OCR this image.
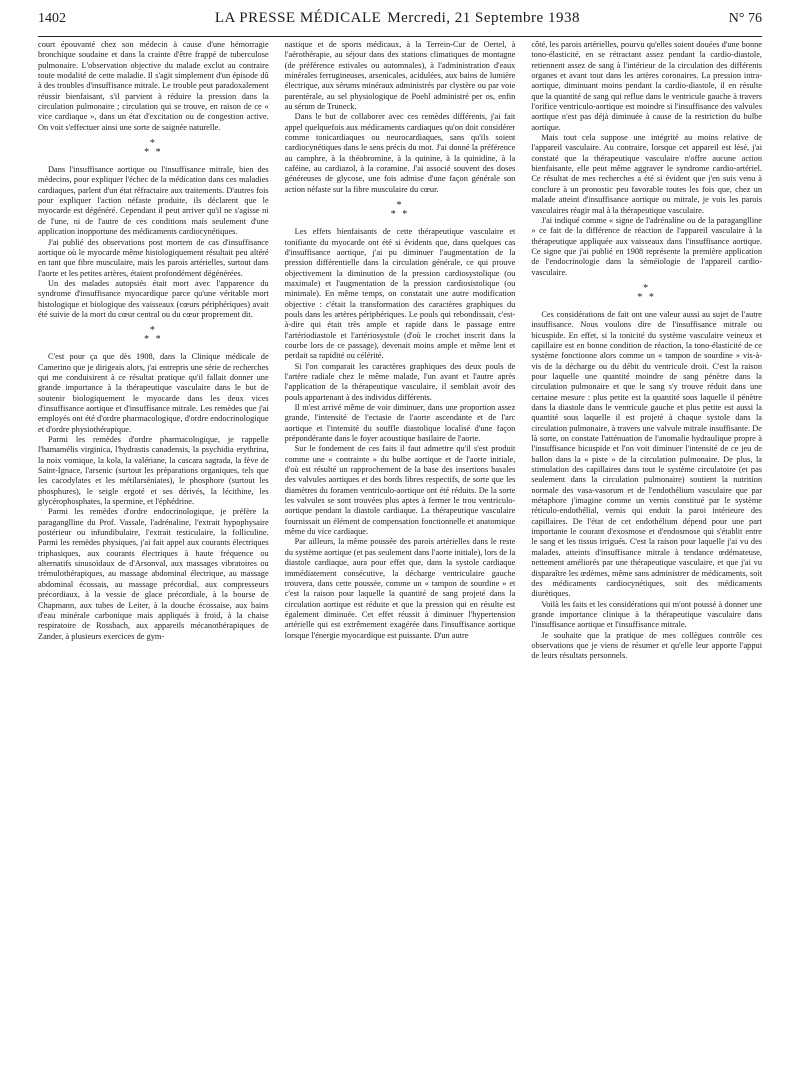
1402	LA PRESSE MÉDICALE Mercredi, 21 Septembre 1938	N° 76

court épouvanté chez son médecin à cause d'une hémorragie bronchique soudaine et dans la crainte d'être frappé de tuberculose pulmonaire. L'observation objective du malade exclut au contraire toute modalité de cette maladie. Il s'agit simplement d'un épisode dû à des troubles d'insuffisance mitrale. Le trouble peut paradoxalement réussir bienfaisant, s'il parvient à réduire la pression dans la circulation pulmonaire ; circulation qui se trouve, en raison de ce « vice cardiaque », dans un état d'excitation ou de congestion active. On voit s'effectuer ainsi une sorte de saignée naturelle.

*
* *

Dans l'insuffisance aortique ou l'insuffisance mitrale, bien des médecins, pour expliquer l'échec de la médication dans ces maladies cardiaques, parlent d'un état réfractaire aux traitements. D'autres fois pour expliquer l'action néfaste produite, ils déclarent que le myocarde est dégénéré. Cependant il peut arriver qu'il ne s'agisse ni de l'une, ni de l'autre de ces conditions mais seulement d'une application inopportune des médicaments cardiocynétiques.

J'ai publié des observations post mortem de cas d'insuffisance aortique où le myocarde même histologiquement résultait peu altéré en tant que fibre musculaire, mais les parois artérielles, surtout dans l'aorte et les petites artères, étaient profondément dégénérées.

Un des malades autopsiés était mort avec l'apparence du syndrome d'insuffisance myocardique parce qu'une véritable mort histologique et biologique des vaisseaux (cœurs périphériques) avait été suivie de la mort du cœur central ou du cœur proprement dit.

*
* *

C'est pour ça que dès 1908, dans la Clinique médicale de Camerino que je dirigeais alors, j'ai entrepris une série de recherches qui me conduisirent à ce résultat pratique qu'il fallait donner une grande importance à la thérapeutique vasculaire dans le but de soutenir biologiquement le myocarde dans les deux vices d'insuffisance aortique et d'insuffisance mitrale. Les remèdes que j'ai employés ont été d'ordre pharmacologique, d'ordre endocrinologique et d'ordre physiothérapique.

Parmi les remèdes d'ordre pharmacologique, je rappelle l'hamamélis virginica, l'hydrastis canadensis, la psychidia erythrina, la noix vomique, la kola, la valériane, la cascara sagrada, la fève de Saint-Ignace, l'arsenic (surtout les préparations organiques, tels que les cacodylates et les métilarséniates), le phosphore (surtout les phosphures), le seigle ergoté et ses dérivés, la lécithine, les glycérophosphates, la spermine, et l'éphédrine.

Parmi les remèdes d'ordre endocrinologique, je préfère la paraganglline du Prof. Vassale, l'adrénaline, l'extrait hypophysaire postérieur ou infundibulaire, l'extrait testiculaire, la folliculine. Parmi les remèdes physiques, j'ai fait appel aux courants électriques triphasiques, aux courants électriques à haute fréquence ou alternatifs sinusoïdaux de d'Arsonval, aux massages vibratoires ou trémulothérapiques, au massage abdominal électrique, au massage abdominal écossais, au massage précordial, aux compresseurs précordiaux, à la vessie de glace précordiale, à la bourse de Chapmann, aux tubes de Leiter, à la douche écossaise, aux bains d'eau minérale carbonique mais appliqués à froid, à la chaise respiratoire de Rossbach, aux appareils mécanothérapiques de Zander, à plusieurs exercices de gym-

nastique et de sports médicaux, à la Terrein-Cur de Oertel, à l'aérothérapie, au séjour dans des stations climatiques de montagne (de préférence estivales ou automnales), à l'administration d'eaux minérales ferrugineuses, arsenicales, acidulées, aux bains de lumière électrique, aux sérums minéraux administrés par clystère ou par voie parentérale, au sel physiologique de Poehl administré per os, enfin au sérum de Truneck.

Dans le but de collaborer avec ces remèdes différents, j'ai fait appel quelquefois aux médicaments cardiaques qu'on doit considérer comme tonicardiaques ou neurocardiaques, sans qu'ils soient cardiocynétiques dans le sens précis du mot. J'ai donné la préférence au camphre, à la théobromine, à la quinine, à la quinidine, à la caféine, au cardiazol, à la coramine. J'ai associé souvent des doses généreuses de glycose, une fois admise d'une façon générale son action néfaste sur la fibre musculaire du cœur.

*
* *

Les effets bienfaisants de cette thérapeutique vasculaire et tonifiante du myocarde ont été si évidents que, dans quelques cas d'insuffisance aortique, j'ai pu diminuer l'augmentation de la pression différentielle dans la circulation générale, ce qui prouve objectivement la diminution de la pression cardiosystolique (ou maximale) et l'augmentation de la pression cardiosistolique (ou minimale). En même temps, on constatait une autre modification objective : c'était la transformation des caractères graphiques du pouls dans les artères périphériques. Le pouls qui rebondissait, c'est-à-dire qui était très ample et rapide dans le passage entre l'artériodiastole et l'artériosystole (d'où le crochet inscrit dans la courbe lors de ce passage), devenait moins ample et même lent et perdait sa rapidité ou célérité.

Si l'on comparait les caractères graphiques des deux pouls de l'artère radiale chez le même malade, l'un avant et l'autre après l'application de la thérapeutique vasculaire, il semblait avoir des pouls appartenant à des individus différents.

Il m'est arrivé même de voir diminuer, dans une proportion assez grande, l'intensité de l'ectasie de l'aorte ascendante et de l'arc aortique et l'intensité du souffle diastolique localisé d'une façon prépondérante dans le foyer acoustique basilaire de l'aorte.

Sur le fondement de ces faits il faut admettre qu'il s'est produit comme une « contrainte » du bulbe aortique et de l'aorte initiale, d'où est résulté un rapprochement de la base des insertions basales des valvules aortiques et des bords libres respectifs, de sorte que les diamètres du foramen ventriculo-aortique ont été réduits. De la sorte les valvules se sont trouvées plus aptes à fermer le trou ventriculo-aortique pendant la diastole cardiaque. La thérapeutique vasculaire fournissait un élément de compensation fonctionnelle et anatomique même du vice cardiaque.

Par ailleurs, la même poussée des parois artérielles dans le reste du système aortique (et pas seulement dans l'aorte initiale), lors de la diastole cardiaque, aura pour effet que, dans la systole cardiaque immédiatement consécutive, la décharge ventriculaire gauche trouvera, dans cette poussée, comme un « tampon de sourdine » et c'est la raison pour laquelle la quantité de sang projeté dans la circulation aortique est réduite et que la pression qui en résulte est également diminuée. Cet effet réussit à diminuer l'hypertension artérielle qui est extrêmement exagérée dans l'insuffisance aortique lorsque l'énergie myocardique est puissante. D'un autre

côté, les parois artérielles, pourvu qu'elles soient douées d'une bonne tono-élasticité, en se rétractant assez pendant la cardio-diastole, retiennent assez de sang à l'intérieur de la circulation des différents organes et avant tout dans les artères coronaires. La pression intra-aortique, diminuant moins pendant la cardio-diastole, il en résulte que la quantité de sang qui reflue dans le ventricule gauche à travers l'orifice ventriculo-aortique est moindre si l'insuffisance des valvules aortique n'est pas déjà diminuée à cause de la restriction du bulbe aortique.

Mais tout cela suppose une intégrité au moins relative de l'appareil vasculaire. Au contraire, lorsque cet appareil est lésé, j'ai constaté que la thérapeutique vasculaire n'offre aucune action bienfaisante, elle peut même aggraver le syndrome cardio-artériel. Ce résultat de mes recherches a été si évident que j'en suis venu à conclure à un pronostic peu favorable toutes les fois que, chez un malade atteint d'insuffisance aortique ou mitrale, je vois les parois vasculaires réagir mal à la thérapeutique vasculaire.

J'ai indiqué comme « signe de l'adrénaline ou de la paraganglline » ce fait de la différence de réaction de l'appareil vasculaire à la thérapeutique appliquée aux vaisseaux dans l'insuffisance aortique. Ce signe que j'ai publié en 1908 représente la première application de l'endocrinologie dans la séméiologie de l'appareil cardio-vasculaire.

*
* *

Ces considérations de fait ont une valeur aussi au sujet de l'autre insuffisance. Nous voulons dire de l'insuffisance mitrale ou bicuspide. En effet, si la tonicité du système vasculaire veineux et capillaire est en bonne condition de réaction, la tono-élasticité de ce système fonctionne alors comme un « tampon de sourdine » vis-à-vis de la décharge ou du débit du ventricule droit. C'est la raison pour laquelle une quantité moindre de sang pénètre dans la circulation pulmonaire et que le sang s'y trouve réduit dans une certaine mesure : plus petite est la quantité sous laquelle il pénètre dans la diastole dans le ventricule gauche et plus petite est aussi la quantité sous laquelle il est projeté à chaque systole dans la circulation pulmonaire, à travers une valvule mitrale insuffisante. De là sorte, on constate l'atténuation de l'anomalie hydraulique propre à l'insuffisance bicuspide et l'on voit diminuer l'intensité de ce jeu de ballon dans la « piste » de la circulation pulmonaire. De plus, la stimulation des capillaires dans tout le système circulatoire (et pas seulement dans la circulation pulmonaire) soutient la nutrition normale des vasa-vasorum et de l'endothélium vasculaire que par métaphore j'imagine comme un vernis constitué par le système réticulo-endothélial, vernis qui enduit la paroi intérieure des capillaires. De l'état de cet endothélium dépend pour une part importante le courant d'exosmose et d'endosmose qui s'établit entre le sang et les tissus irrigués. C'est la raison pour laquelle j'ai vu des malades, atteints d'insuffisance mitrale à tendance œdémateuse, nettement améliorés par une thérapeutique vasculaire, et que j'ai vu disparaître les œdèmes, même sans administrer de médicaments, soit des médicaments cardiocynétiques, soit des médicaments diurétiques.

Voilà les faits et les considérations qui m'ont poussé à donner une grande importance clinique à la thérapeutique vasculaire dans l'insuffisance aortique et l'insuffisance mitrale.

Je souhaite que la pratique de mes collègues contrôle ces observations que je viens de résumer et qu'elle leur apporte l'appui de leurs résultats personnels.
